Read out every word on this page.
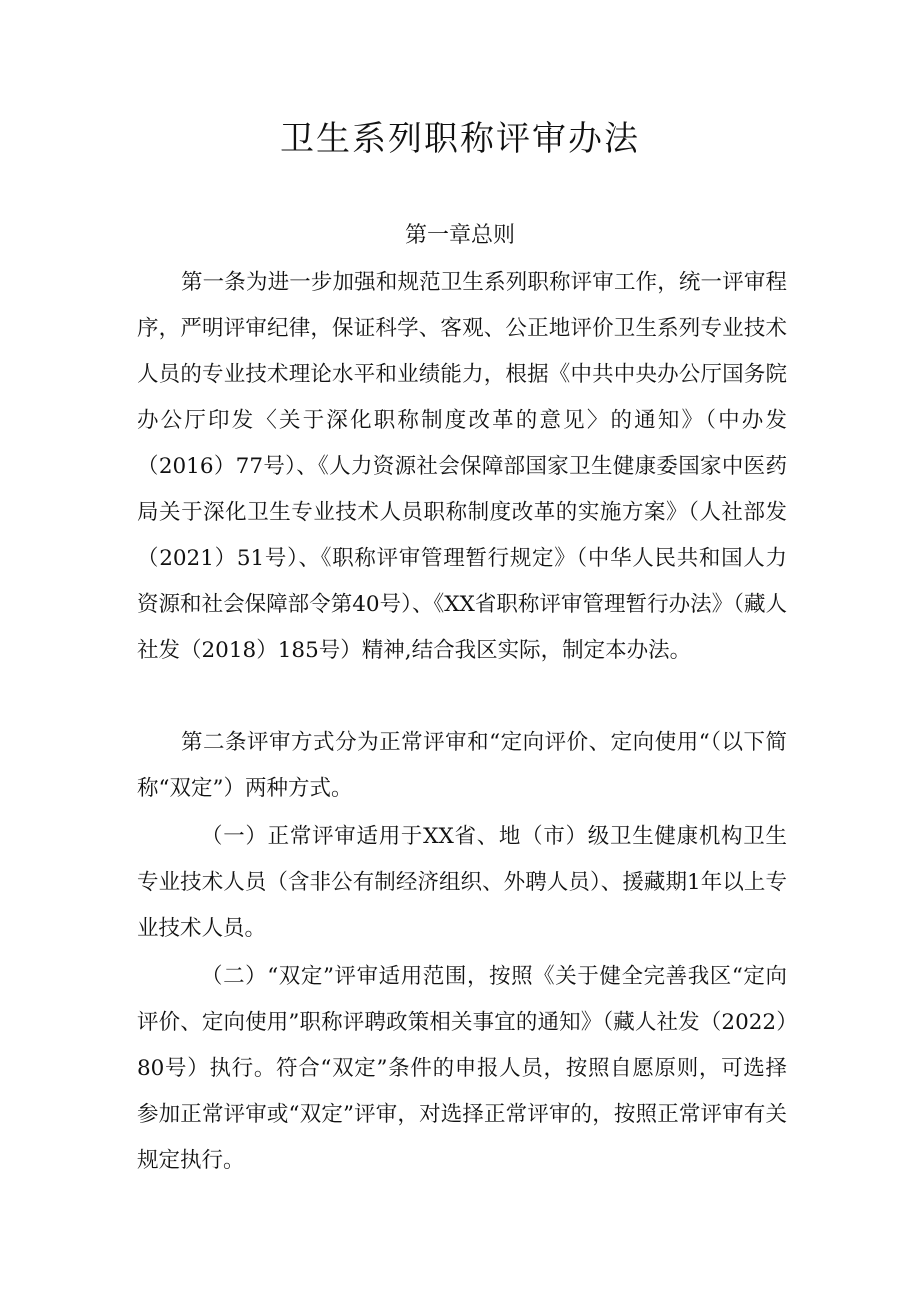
卫生系列职称评审办法
第一章总则

第一条为进一步加强和规范卫生系列职称评审工作，统一评审程序，严明评审纪律，保证科学、客观、公正地评价卫生系列专业技术人员的专业技术理论水平和业绩能力，根据《中共中央办公厅国务院办公厅印发〈关于深化职称制度改革的意见〉的通知》（中办发（2016）77号）、《人力资源社会保障部国家卫生健康委国家中医药局关于深化卫生专业技术人员职称制度改革的实施方案》（人社部发（2021）51号）、《职称评审管理暂行规定》（中华人民共和国人力资源和社会保障部令第40号）、《XX省职称评审管理暂行办法》（藏人社发（2018）185号）精神,结合我区实际，制定本办法。

第二条评审方式分为正常评审和“定向评价、定向使用“（以下简称“双定”）两种方式。

（一）正常评审适用于XX省、地（市）级卫生健康机构卫生专业技术人员（含非公有制经济组织、外聘人员）、援藏期1年以上专业技术人员。

（二）“双定”评审适用范围，按照《关于健全完善我区“定向评价、定向使用”职称评聘政策相关事宜的通知》（藏人社发（2022）80号）执行。符合“双定”条件的申报人员，按照自愿原则，可选择参加正常评审或“双定”评审，对选择正常评审的，按照正常评审有关规定执行。
